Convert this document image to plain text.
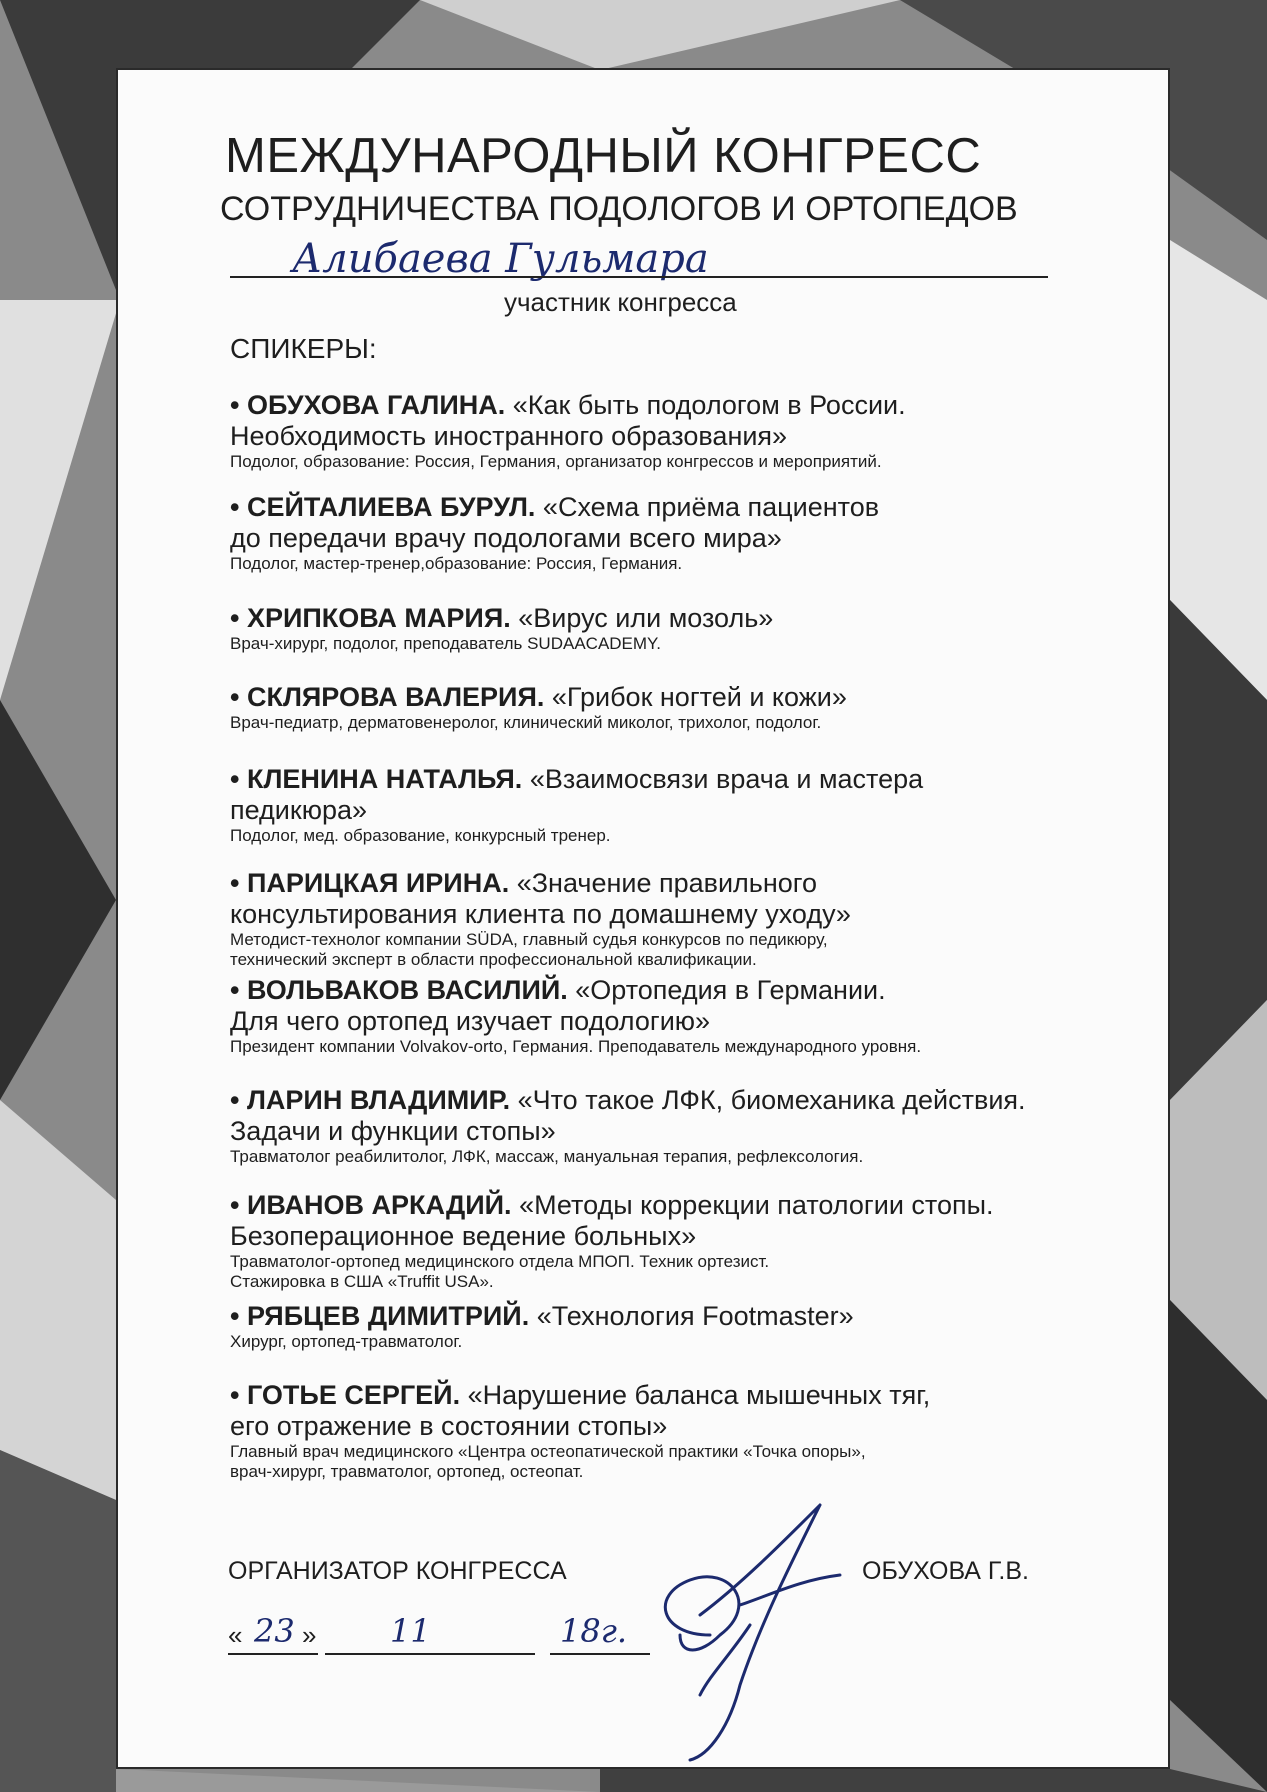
МЕЖДУНАРОДНЫЙ КОНГРЕСС
СОТРУДНИЧЕСТВА ПОДОЛОГОВ И ОРТОПЕДОВ
Алибаева Гульмара
участник конгресса
СПИКЕРЫ:
• ОБУХОВА ГАЛИНА. «Как быть подологом в России.
Необходимость иностранного образования»
Подолог, образование: Россия, Германия, организатор конгрессов и мероприятий.
• СЕЙТАЛИЕВА БУРУЛ. «Схема приёма пациентов
до передачи врачу подологами всего мира»
Подолог, мастер-тренер,образование: Россия, Германия.
• ХРИПКОВА МАРИЯ. «Вирус или мозоль»
Врач-хирург, подолог, преподаватель SUDAACADEMY.
• СКЛЯРОВА ВАЛЕРИЯ. «Грибок ногтей и кожи»
Врач-педиатр, дерматовенеролог, клинический миколог, трихолог, подолог.
• КЛЕНИНА НАТАЛЬЯ. «Взаимосвязи врача и мастера
педикюра»
Подолог, мед. образование, конкурсный тренер.
• ПАРИЦКАЯ ИРИНА. «Значение правильного
консультирования клиента по домашнему уходу»
Методист-технолог компании SÜDA, главный судья конкурсов по педикюру,
технический эксперт в области профессиональной квалификации.
• ВОЛЬВАКОВ ВАСИЛИЙ. «Ортопедия в Германии.
Для чего ортопед изучает подологию»
Президент компании Volvakov-orto, Германия. Преподаватель международного уровня.
• ЛАРИН ВЛАДИМИР. «Что такое ЛФК, биомеханика действия.
Задачи и функции стопы»
Травматолог реабилитолог, ЛФК, массаж, мануальная терапия, рефлексология.
• ИВАНОВ АРКАДИЙ. «Методы коррекции патологии стопы.
Безоперационное ведение больных»
Травматолог-ортопед медицинского отдела МПОП. Техник ортезист.
Стажировка в США «Truffit USA».
• РЯБЦЕВ ДИМИТРИЙ. «Технология Footmaster»
Хирург, ортопед-травматолог.
• ГОТЬЕ СЕРГЕЙ. «Нарушение баланса мышечных тяг,
его отражение в состоянии стопы»
Главный врач медицинского «Центра остеопатической практики «Точка опоры»,
врач-хирург, травматолог, ортопед, остеопат.
ОРГАНИЗАТОР КОНГРЕССА	ОБУХОВА Г.В.
« 23 » 11	18г.
